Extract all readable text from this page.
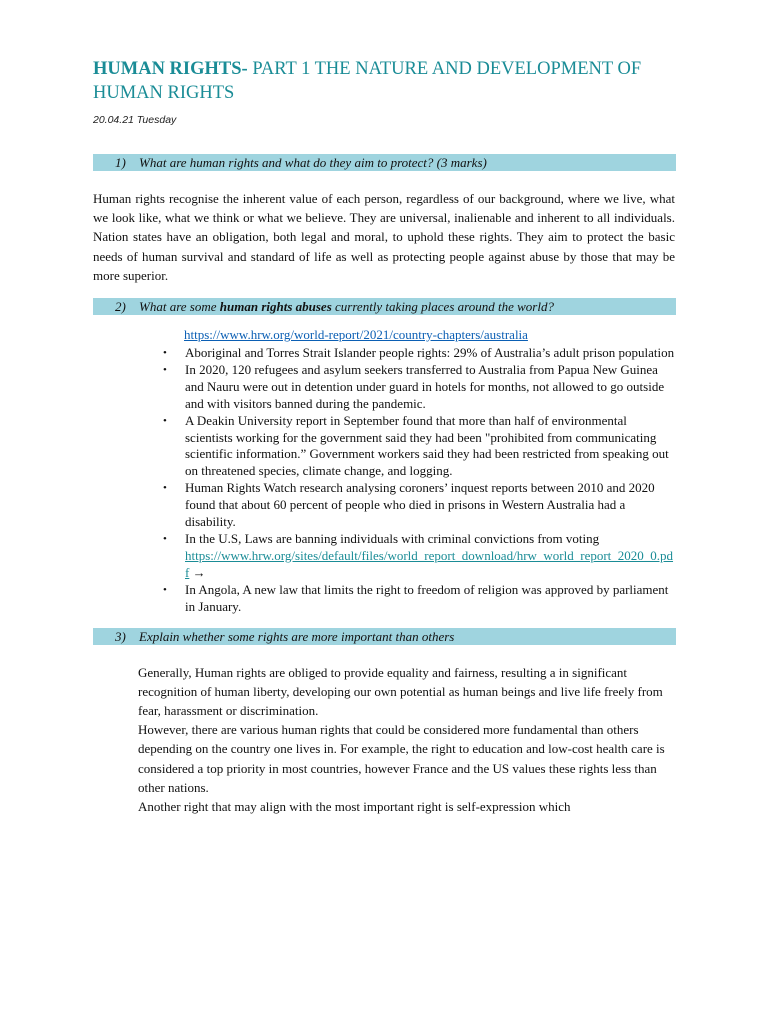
HUMAN RIGHTS- PART 1 THE NATURE AND DEVELOPMENT OF HUMAN RIGHTS
20.04.21 Tuesday
1) What are human rights and what do they aim to protect? (3 marks)

Human rights recognise the inherent value of each person, regardless of our background, where we live, what we look like, what we think or what we believe. They are universal, inalienable and inherent to all individuals. Nation states have an obligation, both legal and moral, to uphold these rights. They aim to protect the basic needs of human survival and standard of life as well as protecting people against abuse by those that may be more superior.

2) What are some human rights abuses currently taking places around the world?
https://www.hrw.org/world-report/2021/country-chapters/australia
• Aboriginal and Torres Strait Islander people rights: 29% of Australia’s adult prison population
• In 2020, 120 refugees and asylum seekers transferred to Australia from Papua New Guinea and Nauru were out in detention under guard in hotels for months, not allowed to go outside and with visitors banned during the pandemic.
• A Deakin University report in September found that more than half of environmental scientists working for the government said they had been "prohibited from communicating scientific information.” Government workers said they had been restricted from speaking out on threatened species, climate change, and logging.
• Human Rights Watch research analysing coroners’ inquest reports between 2010 and 2020 found that about 60 percent of people who died in prisons in Western Australia had a disability.
• In the U.S, Laws are banning individuals with criminal convictions from voting
https://www.hrw.org/sites/default/files/world_report_download/hrw_world_report_2020_0.pdf →
• In Angola, A new law that limits the right to freedom of religion was approved by parliament in January.
3) Explain whether some rights are more important than others

Generally, Human rights are obliged to provide equality and fairness, resulting a in significant recognition of human liberty, developing our own potential as human beings and live life freely from fear, harassment or discrimination.

However, there are various human rights that could be considered more fundamental than others depending on the country one lives in. For example, the right to education and low-cost health care is considered a top priority in most countries, however France and the US values these rights less than other nations.

Another right that may align with the most important right is self-expression which
